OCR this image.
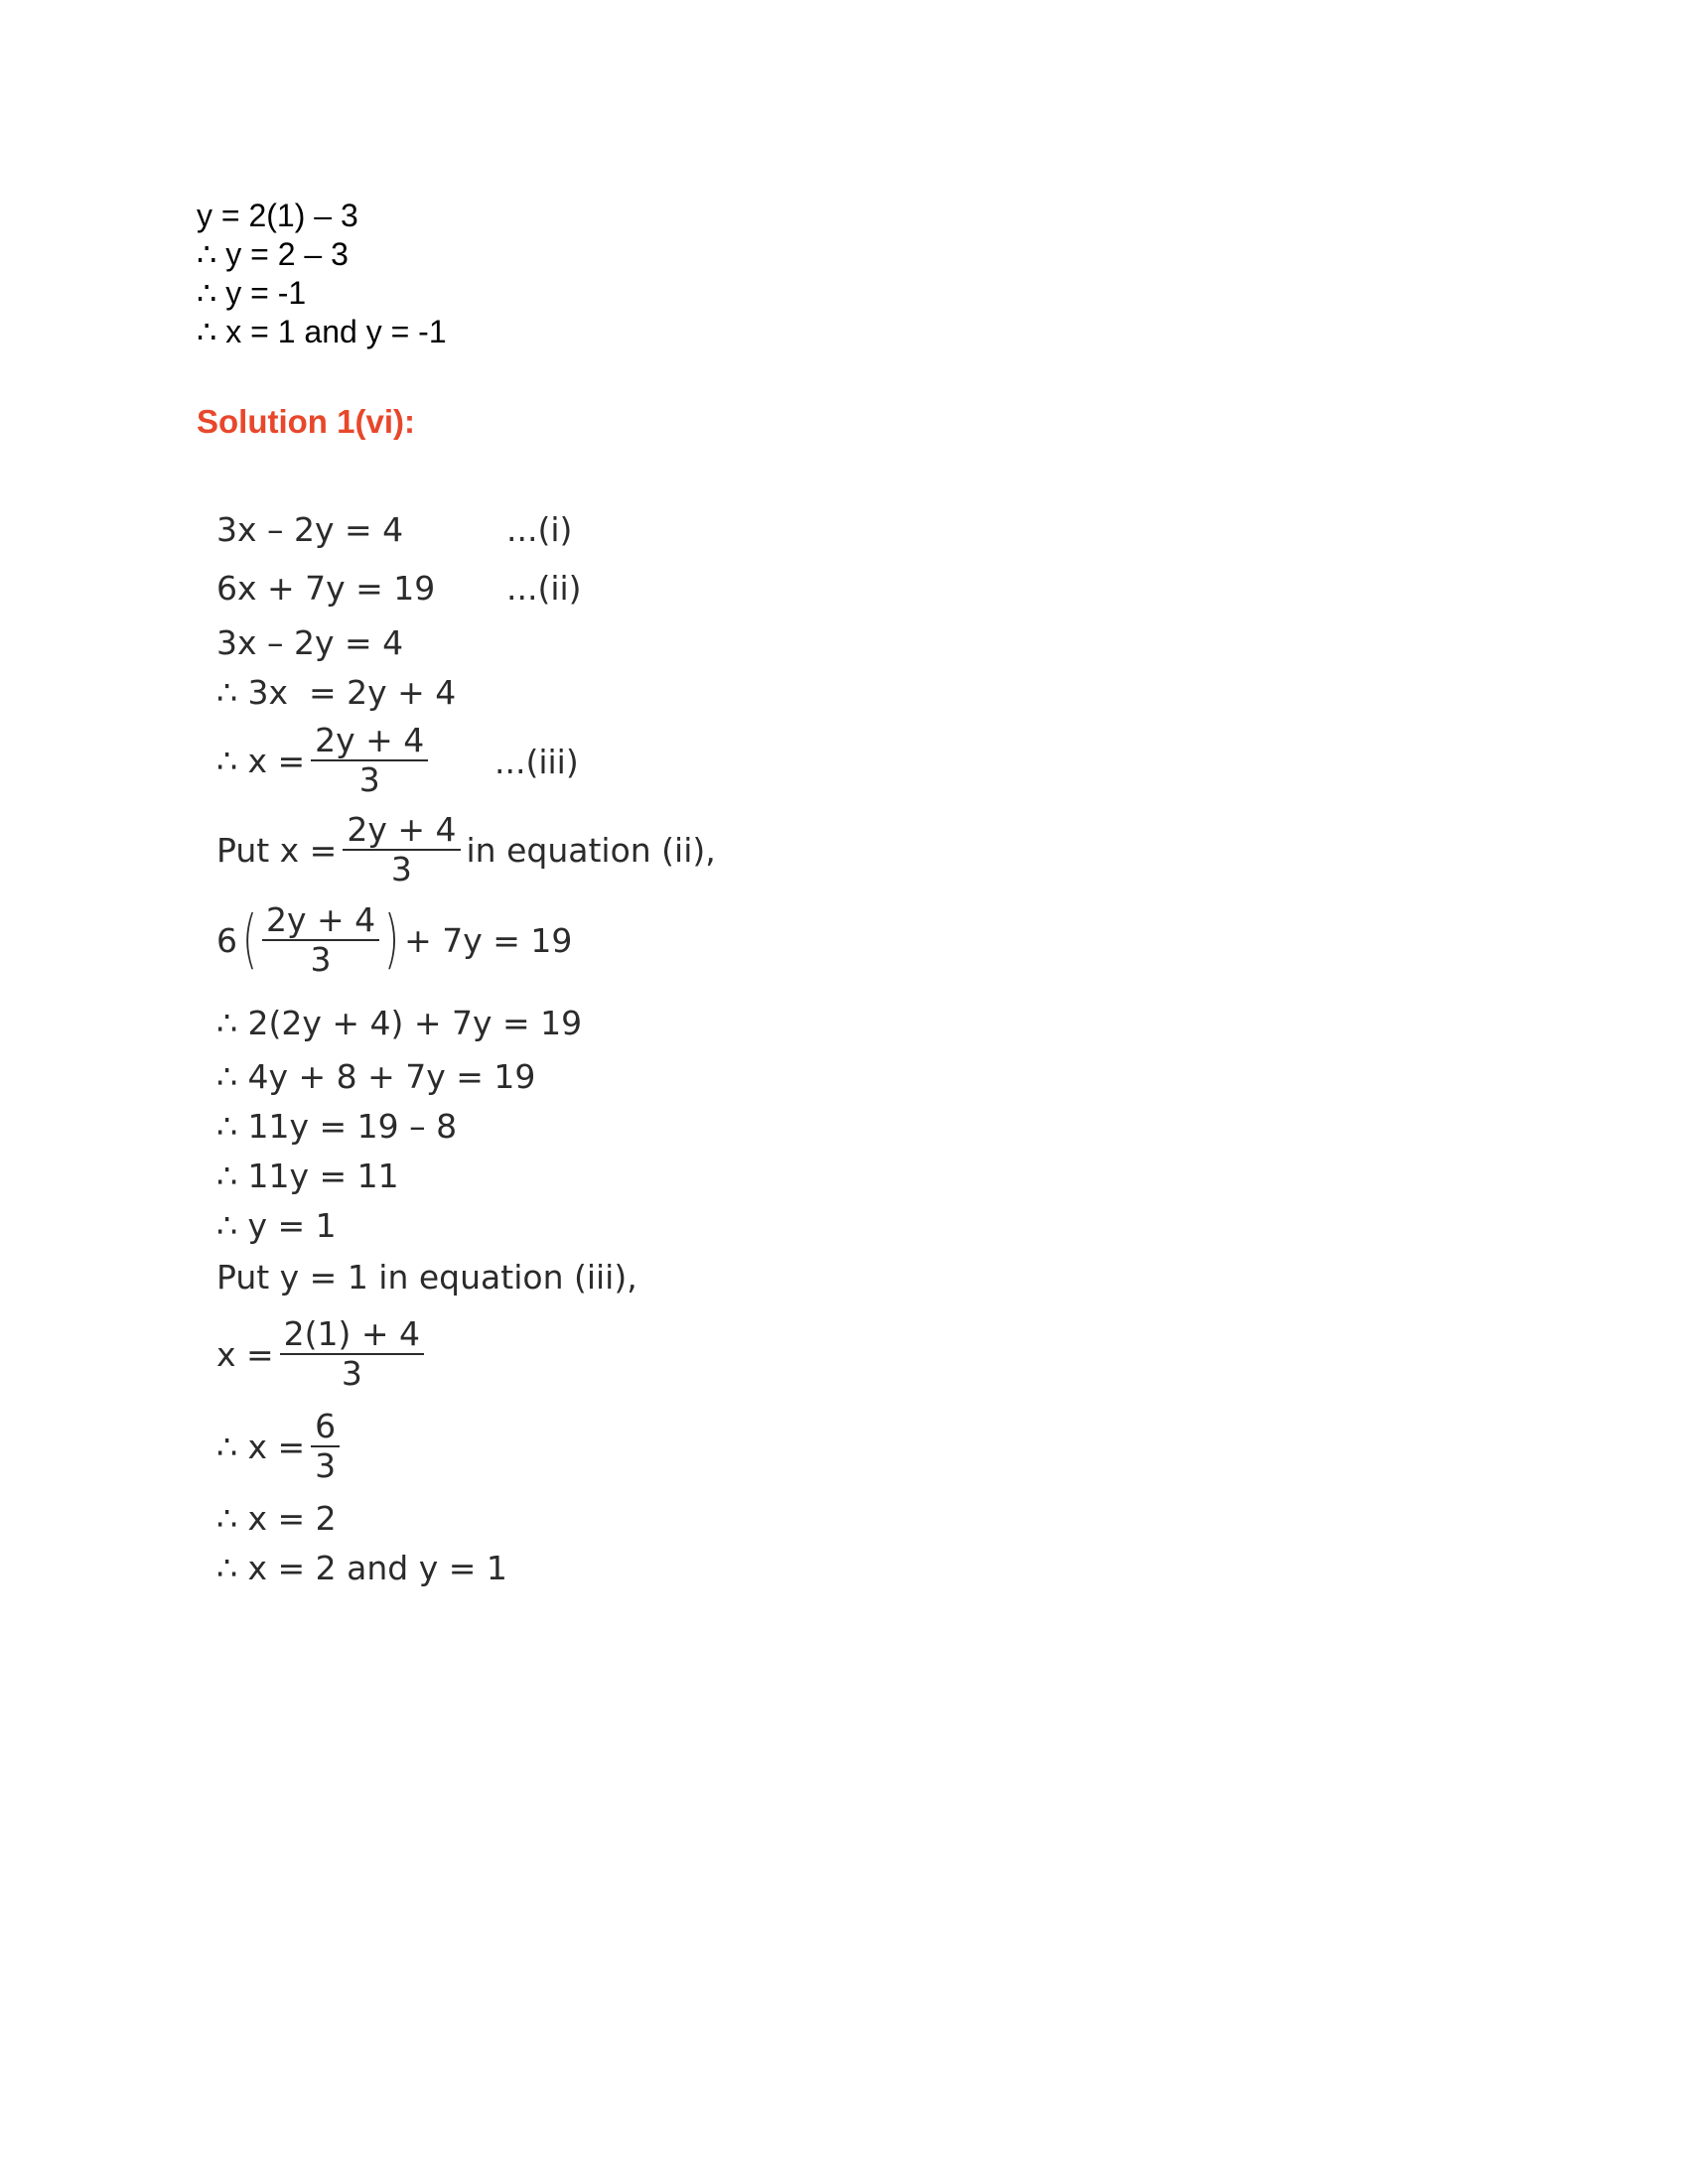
y = 2(1) – 3
∴ y = 2 – 3
∴ y = -1
∴ x = 1 and y = -1
Solution 1(vi):
3x – 2y = 4	...(i)
6x + 7y = 19 ...(ii)
3x – 2y = 4
∴ 3x  = 2y + 4
∴ $x = \frac{2y + 4}{3} ...(iii)$
Put $x = \frac{2y + 4}{3}$ in equation (ii),
6 ( $\frac{2y + 4}{3}$ ) + 7y = 19
∴ 2(2y + 4) + 7y = 19
∴ 4y + 8 + 7y = 19
∴ 11y = 19 – 8
∴ 11y = 11
∴ y = 1
Put y = 1 in equation (iii),
$x = \frac{2(1) + 4}{3}$
∴ $x = \frac{6}{3}$
∴ x = 2
∴ x = 2 and y = 1
